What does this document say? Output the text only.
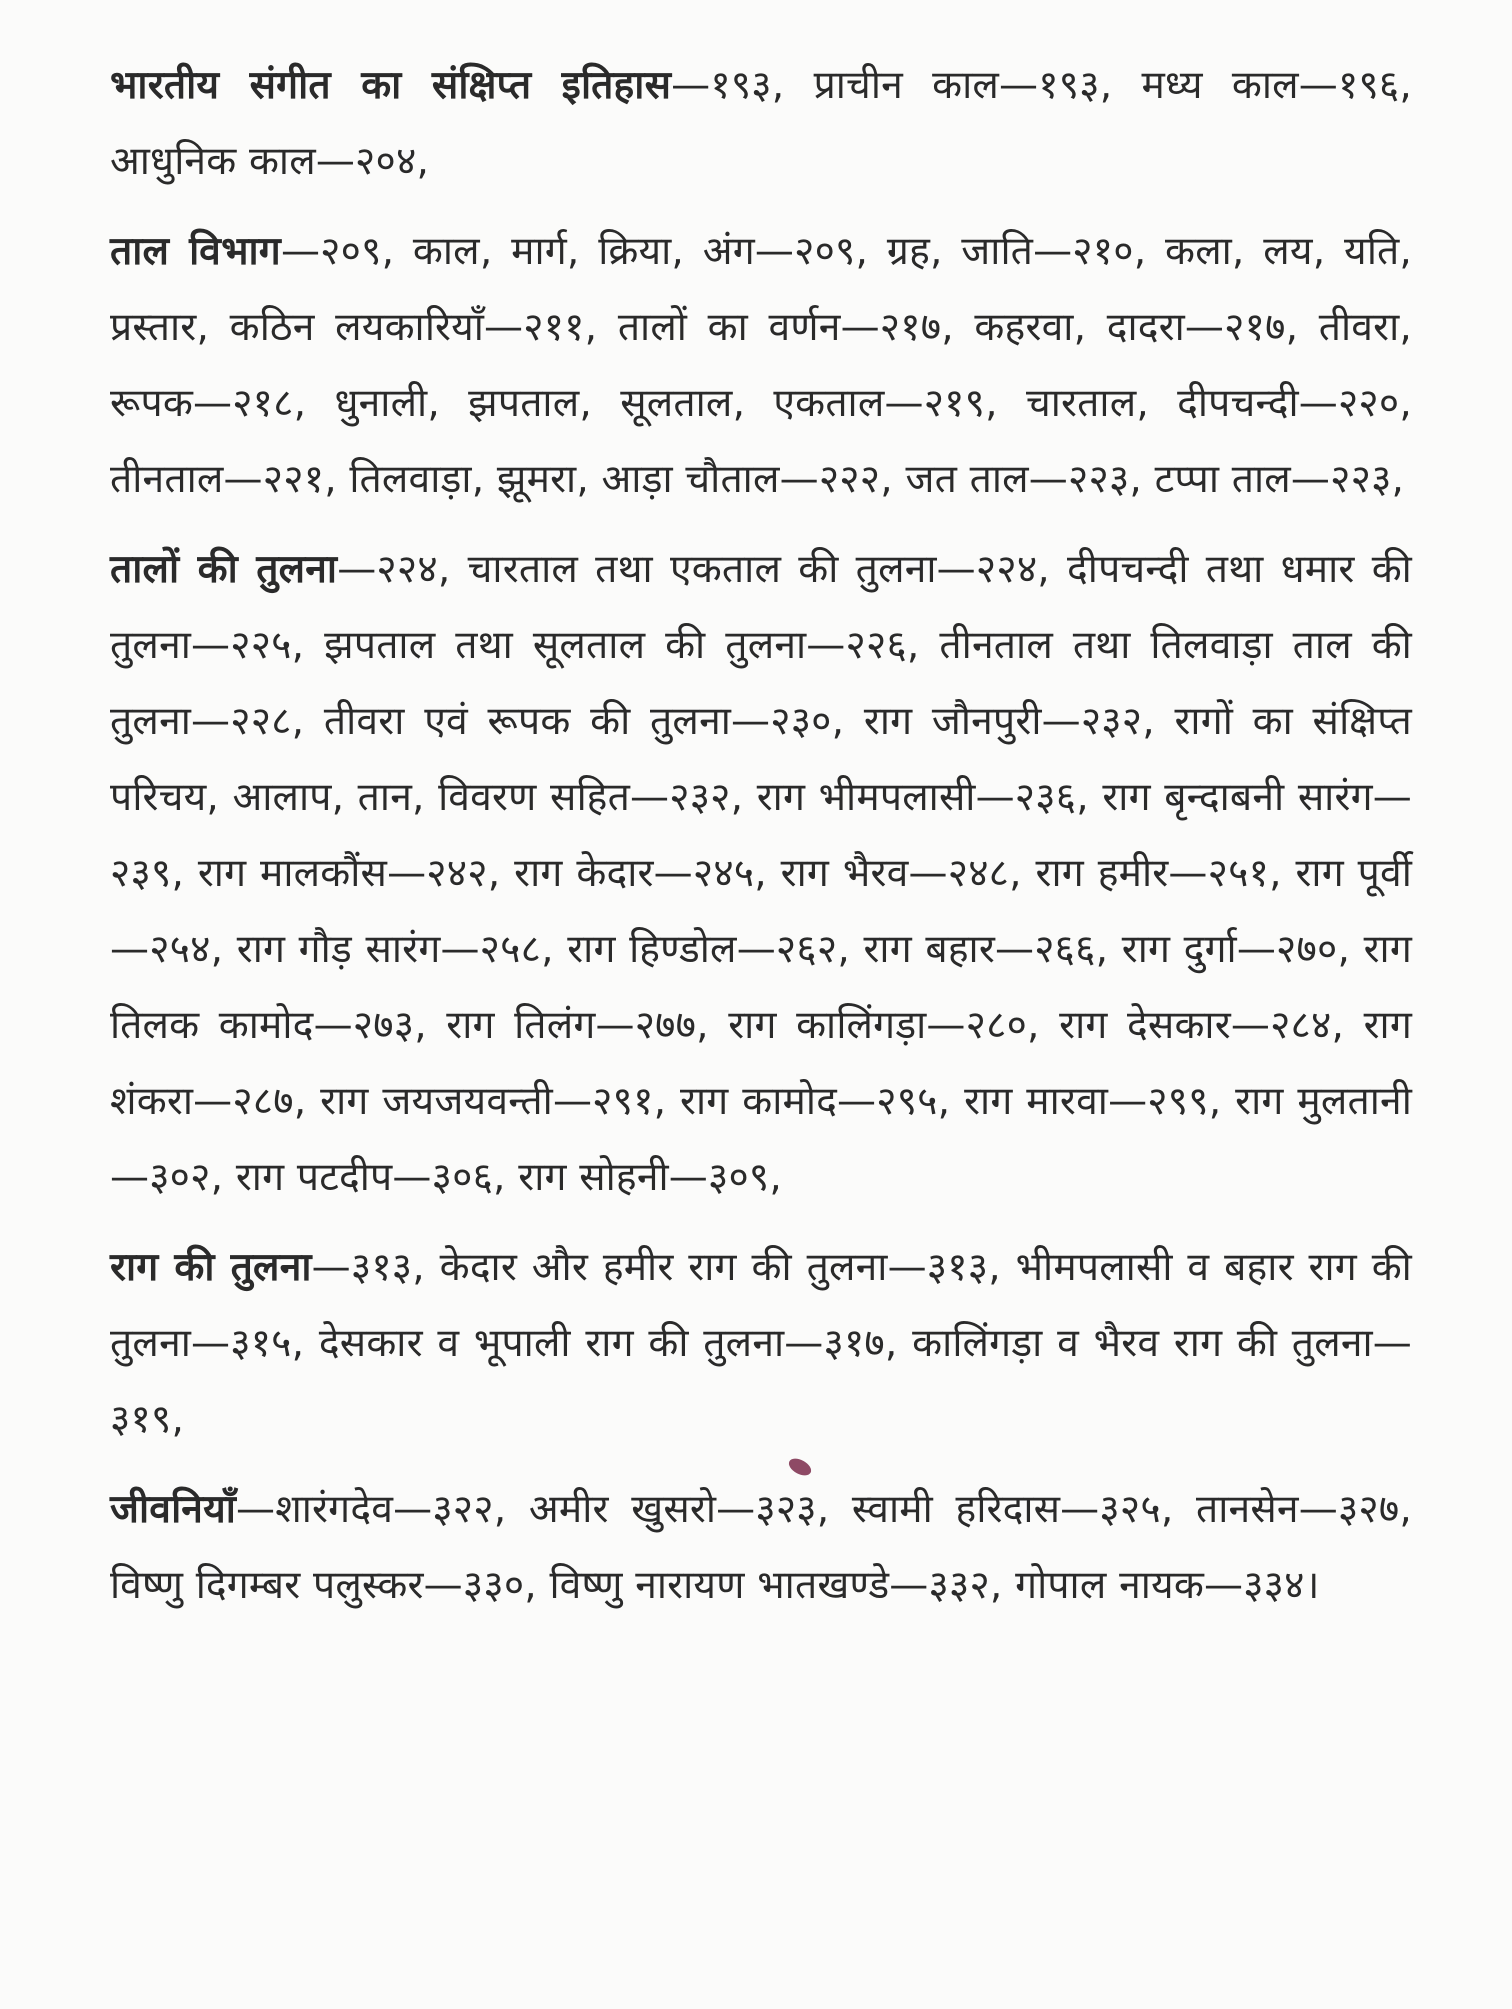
भारतीय संगीत का संक्षिप्त इतिहास—१९३, प्राचीन काल—१९३, मध्य काल—१९६, आधुनिक काल—२०४,

ताल विभाग—२०९, काल, मार्ग, क्रिया, अंग—२०९, ग्रह, जाति—२१०, कला, लय, यति, प्रस्तार, कठिन लयकारियाँ—२११, तालों का वर्णन—२१७, कहरवा, दादरा—२१७, तीवरा, रूपक—२१८, धुनाली, झपताल, सूलताल, एकताल—२१९, चारताल, दीपचन्दी—२२०, तीनताल—२२१, तिलवाड़ा, झूमरा, आड़ा चौताल—२२२, जत ताल—२२३, टप्पा ताल—२२३,

तालों की तुलना—२२४, चारताल तथा एकताल की तुलना—२२४, दीपचन्दी तथा धमार की तुलना—२२५, झपताल तथा सूलताल की तुलना—२२६, तीनताल तथा तिलवाड़ा ताल की तुलना—२२८, तीवरा एवं रूपक की तुलना—२३०, राग जौनपुरी—२३२, रागों का संक्षिप्त परिचय, आलाप, तान, विवरण सहित—२३२, राग भीमपलासी—२३६, राग बृन्दाबनी सारंग—२३९, राग मालकौंस—२४२, राग केदार—२४५, राग भैरव—२४८, राग हमीर—२५१, राग पूर्वी—२५४, राग गौड़ सारंग—२५८, राग हिण्डोल—२६२, राग बहार—२६६, राग दुर्गा—२७०, राग तिलक कामोद—२७३, राग तिलंग—२७७, राग कालिंगड़ा—२८०, राग देसकार—२८४, राग शंकरा—२८७, राग जयजयवन्ती—२९१, राग कामोद—२९५, राग मारवा—२९९, राग मुलतानी—३०२, राग पटदीप—३०६, राग सोहनी—३०९,

राग की तुलना—३१३, केदार और हमीर राग की तुलना—३१३, भीमपलासी व बहार राग की तुलना—३१५, देसकार व भूपाली राग की तुलना—३१७, कालिंगड़ा व भैरव राग की तुलना—३१९,

जीवनियाँ—शारंगदेव—३२२, अमीर खुसरो—३२३, स्वामी हरिदास—३२५, तानसेन—३२७, विष्णु दिगम्बर पलुस्कर—३३०, विष्णु नारायण भातखण्डे—३३२, गोपाल नायक—३३४।
